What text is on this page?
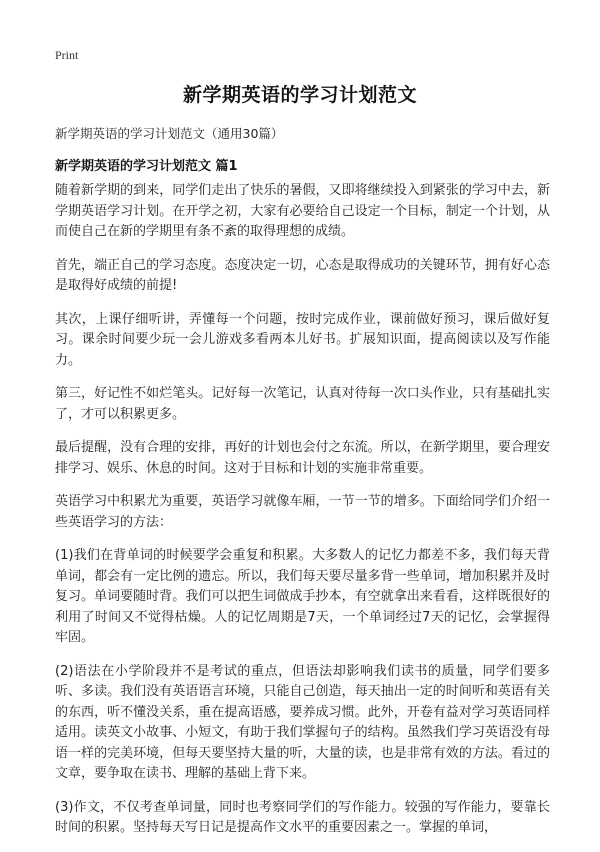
Print
新学期英语的学习计划范文
新学期英语的学习计划范文（通用30篇）
新学期英语的学习计划范文 篇1

随着新学期的到来，同学们走出了快乐的暑假，又即将继续投入到紧张的学习中去，新学期英语学习计划。在开学之初，大家有必要给自己设定一个目标，制定一个计划，从而使自己在新的学期里有条不紊的取得理想的成绩。

首先，端正自己的学习态度。态度决定一切，心态是取得成功的关键环节，拥有好心态是取得好成绩的前提!

其次，上课仔细听讲，弄懂每一个问题，按时完成作业，课前做好预习，课后做好复习。课余时间要少玩一会儿游戏多看两本儿好书。扩展知识面，提高阅读以及写作能力。

第三，好记性不如烂笔头。记好每一次笔记，认真对待每一次口头作业，只有基础扎实了，才可以积累更多。

最后提醒，没有合理的安排，再好的计划也会付之东流。所以，在新学期里，要合理安排学习、娱乐、休息的时间。这对于目标和计划的实施非常重要。

英语学习中积累尤为重要，英语学习就像车厢，一节一节的增多。下面给同学们介绍一些英语学习的方法：

(1)我们在背单词的时候要学会重复和积累。大多数人的记忆力都差不多，我们每天背单词，都会有一定比例的遗忘。所以，我们每天要尽量多背一些单词，增加积累并及时复习。单词要随时背。我们可以把生词做成手抄本，有空就拿出来看看，这样既很好的利用了时间又不觉得枯燥。人的记忆周期是7天，一个单词经过7天的记忆，会掌握得牢固。

(2)语法在小学阶段并不是考试的重点，但语法却影响我们读书的质量，同学们要多听、多读。我们没有英语语言环境，只能自己创造，每天抽出一定的时间听和英语有关的东西，听不懂没关系，重在提高语感，要养成习惯。此外，开卷有益对学习英语同样适用。读英文小故事、小短文，有助于我们掌握句子的结构。虽然我们学习英语没有母语一样的完美环境，但每天要坚持大量的听，大量的读，也是非常有效的方法。看过的文章，要争取在读书、理解的基础上背下来。

(3)作文，不仅考查单词量，同时也考察同学们的写作能力。较强的写作能力，要靠长时间的积累。坚持每天写日记是提高作文水平的重要因素之一。掌握的单词，
